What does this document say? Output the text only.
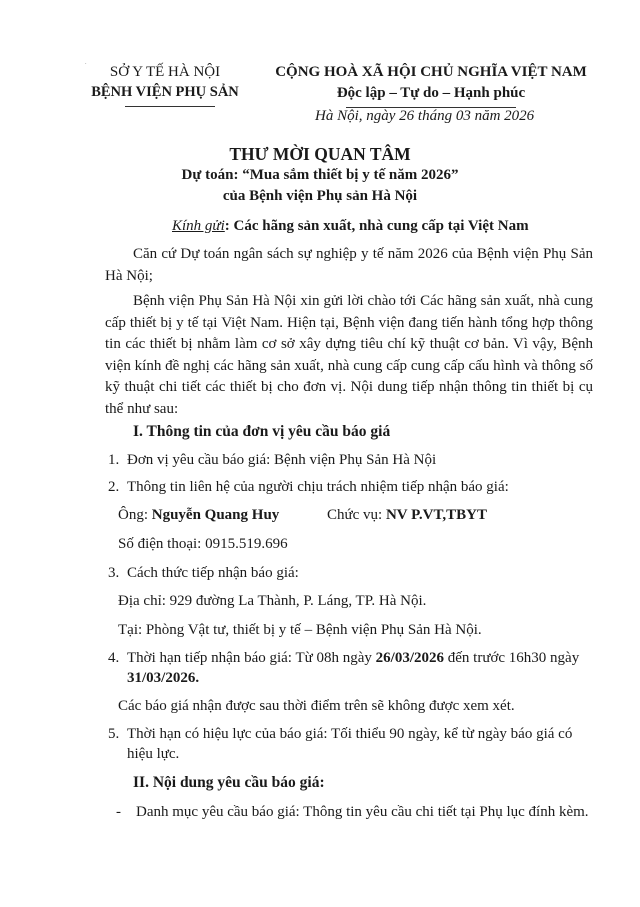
·	SỞ Y TẾ HÀ NỘI
BỆNH VIỆN PHỤ SẢN
CỘNG HOÀ XÃ HỘI CHỦ NGHĨA VIỆT NAM
Độc lập – Tự do – Hạnh phúc
Hà Nội, ngày 26 tháng 03 năm 2026
THƯ MỜI QUAN TÂM
Dự toán: “Mua sắm thiết bị y tế năm 2026”
của Bệnh viện Phụ sản Hà Nội
Kính gửi: Các hãng sản xuất, nhà cung cấp tại Việt Nam
Căn cứ Dự toán ngân sách sự nghiệp y tế năm 2026 của Bệnh viện Phụ Sản Hà Nội;
Bệnh viện Phụ Sản Hà Nội xin gửi lời chào tới Các hãng sản xuất, nhà cung cấp thiết bị y tế tại Việt Nam. Hiện tại, Bệnh viện đang tiến hành tổng hợp thông tin các thiết bị nhằm làm cơ sở xây dựng tiêu chí kỹ thuật cơ bản. Vì vậy, Bệnh viện kính đề nghị các hãng sản xuất, nhà cung cấp cung cấp cấu hình và thông số kỹ thuật chi tiết các thiết bị cho đơn vị. Nội dung tiếp nhận thông tin thiết bị cụ thể như sau:
I. Thông tin của đơn vị yêu cầu báo giá
1. Đơn vị yêu cầu báo giá: Bệnh viện Phụ Sản Hà Nội
2. Thông tin liên hệ của người chịu trách nhiệm tiếp nhận báo giá:
Ông: Nguyễn Quang Huy	Chức vụ: NV P.VT,TBYT
Số điện thoại: 0915.519.696
3. Cách thức tiếp nhận báo giá:
Địa chỉ: 929 đường La Thành, P. Láng, TP. Hà Nội.
Tại: Phòng Vật tư, thiết bị y tế – Bệnh viện Phụ Sản Hà Nội.
4. Thời hạn tiếp nhận báo giá: Từ 08h ngày 26/03/2026 đến trước 16h30 ngày
31/03/2026.
Các báo giá nhận được sau thời điểm trên sẽ không được xem xét.
5. Thời hạn có hiệu lực của báo giá: Tối thiểu 90 ngày, kể từ ngày báo giá có
hiệu lực.
II. Nội dung yêu cầu báo giá:
- Danh mục yêu cầu báo giá: Thông tin yêu cầu chi tiết tại Phụ lục đính kèm.
